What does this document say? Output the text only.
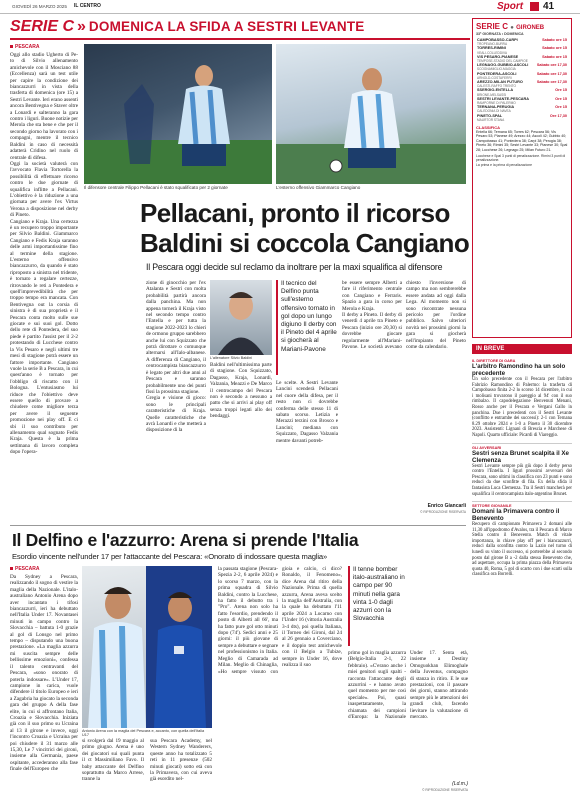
GIOVEDÌ 26 MARZO 2025 IL CENTRO	Sport 41
SERIE C » DOMENICA LA SFIDA A SESTRI LEVANTE
PESCARA

Oggi allo stadio Ugherto di Pe-to di Silvio allenamento amichevole con il Mosciano 88 (Eccellenza) sarà un test utile per capire la condizione dei biancazzurri in vista della trasferta di domenica (ore 15) a Sestri Levante. Ieri erano assenti ancora Bentivegna e Staver oltre a Lonardi e salteranno la gara contro i liguri. Buone notizie per Merola che sta bene e che per il secondo giorno ha lavorato con i compagni, mentre il tecnico Baldini in caso di necessità adatterà Cridino nel ruolo di centrale di difesa.

Oggi la società valuterà con l'avvocato Flavia Tortorella la possibilità di effettuare ricorso contro le due giornate di squalifica inflitte a Pellacani. L'obiettivo è la riduzione a una giornata per avere l'ex Virtus Verona a disposizione nel derby di Pineto.

Cangiano e Kraja. Una certezza è un recupero troppo importante per Silvio Baldini. Giammarco Cangiano e Fedis Kraja saranno delle armi importantissime fino al termine della stagione. L'esterno offensivo biancazzurro, da quando è stato riproposto a sinistra nel tridente, è tornato a regalare certezze, ritrovando le reti a Pontedera e quell'imprevedibilità che per troppo tempo era mancata. Con Bentivegna out la corsia di sinistra è di sua proprietà e il Pescara conta molto sulle sue giocate e sui suoi gol. Dotto dello rete di Pontedera, del suo piede è partito l'assist per il 2-2 protestando di Lucchese contro la Vis Pesaro e negli ultimi tre mesi di stagione potrà essere un fattore importante. Cangiano vuole la serie B a Pescara, in cui quest'anno è tornato per l'obbligo di riscatto con il Bologna. L'entusiasmo lui riduce che l'obiettivo deve essere quello di provare a chiudere come migliore terza per avere il seguente promozione nei play off. E ci sbi il suo contributo per allenamento qual sognato Fedis Kraja. Questa è la prima settimana di lavoro completa dopo l'opera-

Il difensore centrale Filippo Pellacani è stato squalificato per 2 giornate	L'esterno offensivo Giammarco Cangiano
Pellacani, pronto il ricorso
Baldini si coccola Cangiano
Il Pescara oggi decide sul reclamo da inoltrare per la maxi squalifica al difensore

zione di ginocchio per l'ex Atalanta e Sestri con molta probabilità partirà ancora dalla panchina. Ma non appena tornerà il Kraja visto nel secondo tempo contro l'Entella e per tutta la stagione 2022-2023 lo chieri de ormono gruppo sarebbero anche lui con Squizzato che potrà dirottare o comunque alternarsi all'Ialo-albanese. A differenza di Cangiano, il centrocampista biancazzurro è legato per altri due anni al Pescara e saranno probabilmente uno dei punti fissi la prossima stagione.

Gregia e visione di gioco: sono le principali caratteristiche di Kraja. Quelle caratteristiche che avrà Lonardi e che metterà a disposizione di la

L'allenatore Silvio Baldini

Baldini nell'ultimissima parte di stagione. Con Squizzato, Dagasso, Kraja, Lonardi, Valzania, Meazzi e De Marco il centrocampo del Pescara non è secondo a nessuno a patto che si arrivi ai play off senza troppi legati allo dei bendaggi.

Il tecnico del Delfino punta sull'esterno offensivo tornato in gol dopo un lungo digiuno Il derby con il Pineto del 4 aprile si giocherà al Mariani-Pavone

Le scelte. A Sestri Levante Lancini scenderà Pellacani nel cuore della difesa, per il resto non ci dovrebbe conferma delle stesso 11 di sabato scorso. Letizia e Merazzi terzini con Brosco e Lancini; mediana con Squizzato, Dagasso Valzania mentre davanti potreb-

be essere sempre Alberti a fare il riferimento centrale con Cangiano e Ferraris. Spazio a gara in corso per Merola e Kraja.

Il derby a Pineto. Il derby di venerdì 4 aprile tra Pineto e Pescara (inizio ore 20,30) si dovrebbe giocare regolarmente all'Mariani-Pavone. Le società avevano chiesto l'inversione di campo ma non sembrerebbe essere andata ad oggi dalla Lega. Al momento non si sono riscontrate nessuna pericolo per l'ordine pubblico. Salvo ulteriori novità nei prossimi giorni la gara si giocherà nell'impianto del Pineto come da calendario.

Enrico Giancarli
© RIPRODUZIONE RISERVATA
SERIE C ● GIRONEB
33ª GIORNATA • DOMENICA
CAMPOBASSO-CARPI	Sabato ore 15
TROPEANO-BURRA	
TORRES-RIMINI	Sabato ore 15
VEALI-COLLEDDIVA	
VIS PESARO-PIANESE	Sabato ore 15
TEMPOSE-STADIO DEL CAMPIOE	
LEGNAGO-GUBBIO-ASCOLI	Sabato ore 17,30
SCOGNAMIGLIO-MAGGIA	
PONTEDERA-ASCOLI	Sabato ore 17,30
ARNOLD-COSTAFERRI	
AREZZO-MILAN FUTURO	Sabato ore 17,30
CALESTI-RAFFO TRENTO	
SSERGIO-ENTELLA	Ore 15
BRIONE-MELSASSI	
SESTRI LEVANTE-PESCARA	Ore 15
RAMPORNE DI PALERMO	
TERNANA-PERUGIA	Ore 15
CALEDONIA DI NAVEA	
PINETO-SPAL	Ore 17,30
MAURTOR STANA	
CLASSIFICA
Entella 66; Ternana 65; Torres 62; Pescara 56; Vis Pesaro 53; Pianese 49; Arezzo 44; Ascoli 42; Gubbio 40; Campobasso 41; Pontedera 38; Carpi 38; Perugia 38; Pineto 36; Rimini 35; Sestri Levante 33; Pianese 30; Spal 28; Lucchese 26; Legnago 25; Milan Futuro 21.
Lucchese e Spal 3 punti di penalizzazione. Rimini 3 punti di penalizzazione.
La prima e la prima di penalizzazione
IN BREVE
IL DIRETTORE DI GARA
L'arbitro Ramondino ha un solo precedente
Un solo precedente con il Pescara per l'arbitro Fabrizio Ramondino di Palermo: la trasferta di Campobasso finita 2-2 lo scorso 14 dicembre, in cui i molisani trovarono il pareggio al 94' con il suo rimbalzo. Il capodelegazione Benvenuti Menani, Rosso anche per il Pescara e Vergani Gallo in panchina. Due i precedenti con il Sestri Levante (conflitto e entrambe dei successi): 2-1 con Ternana 8.29 ottobre 2024 e 1-0 a Pineto il 30 dicembre 2023. Assistenti: Lignani di Brescia e Marchese di Napoli. Quarto ufficiale: Picardi di Viareggio.
GLI AVVERSARI
Sestri senza Brunet scalpita il Xe Clemenza
Sestri Levante sempre più giù dopo il derby perso contro l'Entella. I liguri prossimi avversari del Pescara, sono ultimi in classifica con 23 punti e sono reduci da due sconfitte di fila. Ex della sfida il fantasista Luca Clemenza. Tra il Sestri mancherà per squalifica il centrocampista italo-argentino Brunet.
SETTORE GIOVANILE
Domani la Primavera contro il Benevento
Recupero di campionato Primavera 2 domani alle 11,30 all'ippodromo d'Avalos, tra il Pescara di Marco Stella contro il Benevento. Match di vitale importanza, in chiave play off per i biancazzurri, reduci dalla sconfitta contro la Lazio nel turno di lunedì su vinto il successo, si porterebbe al secondo posto dal girone B a -2 dalla stessa Benevento che, ad aspettare, occupa la prima piazza della Primavera quota 40, Roma, 5 gol di scarto con i due scarti sulla classifica ora Borrelli.
Il Delfino e l'azzurro: Arena si prende l'Italia
Esordio vincente nell'under 17 per l'attaccante del Pescara: «Onorato di indossare questa maglia»
PESCARA
Da Sydney a Pescara, realizzando il sogno di vestire la maglia della Nazionale. L'italo-australiano Antonio Arena dopo aver incantato i tifosi biancazzurri, ieri ha debuttato nell'Italia Under 17. Novantasei minuti in campo contro la Slovacchia – battuta 1-0 grazie al gol di Lonsgo nel primo tempo – disputando una buona prestazione. «La maglia azzurra mi suscita sempre delle bellissime emozioni», confessa il talento centravanti del Pescara, «sono onorato di poterla indossare». L'Under 17, campione in carica, vuole difendere il titolo Europeo e ieri a Zagabria ha giocato la seconda gara del gruppo A della fase elite, in cui si affrontano Italia, Croazia e Slovacchia. Iniziata già con il suo primo su Ucraina al 13 il girone e invece, oggi l'incontro Croazia e Ucraina per poi chiudere il 31 marzo alle 15,30, Le 7 vincitrici dei gironi, insieme alla Germania, paese ospitante, accederanno alla fase finale dell'Europeo che
Antonio Arena con la maglia del Pescara e, accanto, con quella dell'Italia U17
si svolgerà dal 19 maggio al primo giugno. Arena è uno dei giocatori sui quali punta il ct Massimiliano Favo. Il baby attaccante del Delfino soprattutto da Marco Arrese, tranne la
sua Pescara Academy, nel Western Sydney Wanderers, queste anno ha totalizzato 5 reti in 11 presenze (502 minuti giocati) sotto età con la Primavera, con cui aveva già esordito nel-
la passata stagione (Pescara-Spezia 2-2, 6 aprile 2024) e lo scorso 7 marzo, con la prima squadra di Silvio Baldini, contro la Lucchese, ha fatto il debutto tra i "Pro". Arena non solo ha fatto l'esordio, prendendo il posto di Alberti all 66', ma ha fatto pure gol otto minuti dopo (74'). Sedici anni e 25 giorni: il più giovane di sempre a debuttare e segnare nel professionismo in Italia. Meglio di Camarada ad Milan. Meglio di Chinaglia, «Ho sempre vissuto con gioia e calcio, ci dico? Ronaldo, il Fenomeno», dice Arena dal ritiro della Nazionale. Prima di quella azzurra, Arena aveva scelto la maglia dell'Australia, con la quale ha debuttato l'11 aprile 2024 a Locarno con l'Under 16 (vittoria Australia 3-4 dts), poi quella Italiana, il Torneo dei Gironi, dal 24 al 26 gennaio a Coverciano, e il doppio test amichevole con il Belgio a Tubize, sempre in Under 16, dove realizza il suo
Il tenne bomber italo-australiano in campo per 90 minuti nella gara vinta 1-0 dagli azzurri con la Slovacchia
primo gol in maglia azzurra (Belgio-Italia 2-1, 22 febbraio). «C'erano anche i miei genitori sugli spalti - racconta l'attaccante degli azzurrini - e hanno avuto quel momento per me così speciale». Poi, quasi inaspettatamente, la chiamata dei campioni d'Europa: la Nazionale Under 17. Senta età, insieme a Destiny Omoguokhan Elimoghale della Juventus, compagno di stanza in ritiro. E le sue prestazioni, con il passare dei giorni, stanno attirando sempre più le attenzioni dei grandi club, facendo lievitare la valutazione di mercato.
(Ld.m.)
© RIPRODUZIONE RISERVATA
